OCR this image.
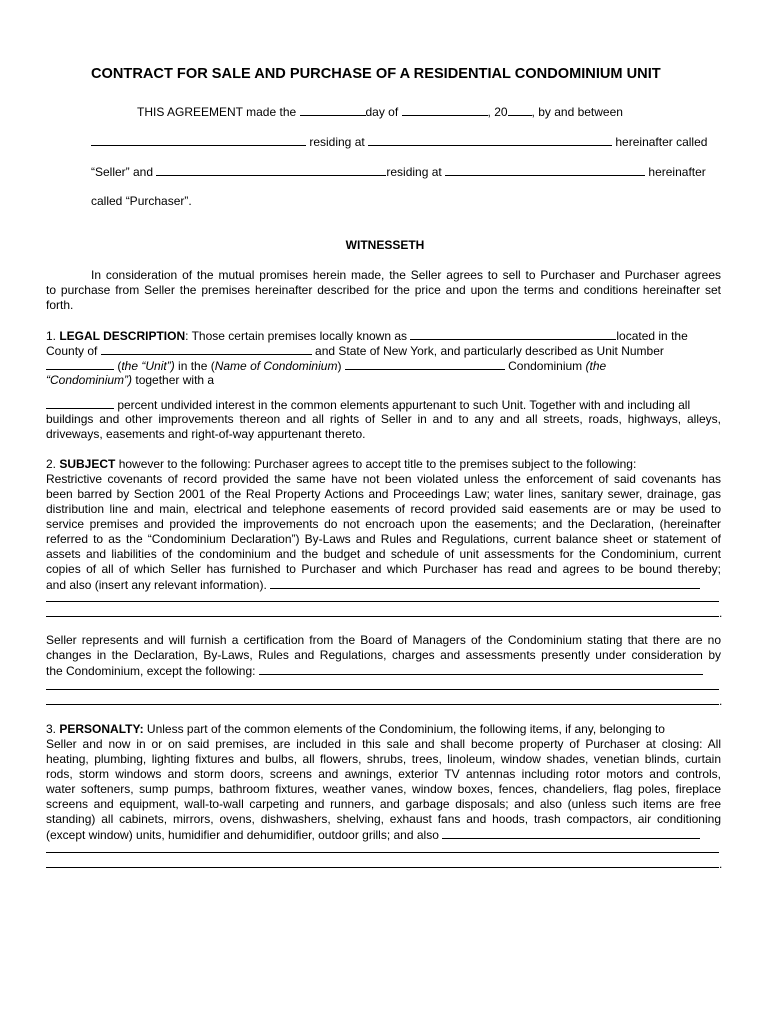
CONTRACT FOR SALE AND PURCHASE OF A RESIDENTIAL CONDOMINIUM UNIT
THIS AGREEMENT made the	day of	, 20 , by and between
residing at	hereinafter called
“Seller” and	residing at	hereinafter
called “Purchaser”.
WITNESSETH
In consideration of the mutual promises herein made, the Seller agrees to sell to Purchaser and Purchaser agrees
to purchase from Seller the premises hereinafter described for the price and upon the terms and conditions hereinafter set
forth.
1. LEGAL DESCRIPTION: Those certain premises locally known as	located in the
County of	and State of New York, and particularly described as Unit Number
(the “Unit”) in the (Name of Condominium)	Condominium (the
“Condominium”) together with a
percent undivided interest in the common elements appurtenant to such Unit. Together with and including all
buildings and other improvements thereon and all rights of Seller in and to any and all streets, roads, highways, alleys,
driveways, easements and right-of-way appurtenant thereto.
2. SUBJECT however to the following: Purchaser agrees to accept title to the premises subject to the following:
Restrictive covenants of record provided the same have not been violated unless the enforcement of said covenants has
been barred by Section 2001 of the Real Property Actions and Proceedings Law; water lines, sanitary sewer, drainage, gas
distribution line and main, electrical and telephone easements of record provided said easements are or may be used to
service premises and provided the improvements do not encroach upon the easements; and the Declaration, (hereinafter
referred to as the “Condominium Declaration”) By-Laws and Rules and Regulations, current balance sheet or statement of
assets and liabilities of the condominium and the budget and schedule of unit assessments for the Condominium, current
copies of all of which Seller has furnished to Purchaser and which Purchaser has read and agrees to be bound thereby;
and also (insert any relevant information).
.
Seller represents and will furnish a certification from the Board of Managers of the Condominium stating that there are no
changes in the Declaration, By-Laws, Rules and Regulations, charges and assessments presently under consideration by
the Condominium, except the following:
.
3. PERSONALTY: Unless part of the common elements of the Condominium, the following items, if any, belonging to
Seller and now in or on said premises, are included in this sale and shall become property of Purchaser at closing: All
heating, plumbing, lighting fixtures and bulbs, all flowers, shrubs, trees, linoleum, window shades, venetian blinds, curtain
rods, storm windows and storm doors, screens and awnings, exterior TV antennas including rotor motors and controls,
water softeners, sump pumps, bathroom fixtures, weather vanes, window boxes, fences, chandeliers, flag poles, fireplace
screens and equipment, wall-to-wall carpeting and runners, and garbage disposals; and also (unless such items are free
standing) all cabinets, mirrors, ovens, dishwashers, shelving, exhaust fans and hoods, trash compactors, air conditioning
(except window) units, humidifier and dehumidifier, outdoor grills; and also
.
